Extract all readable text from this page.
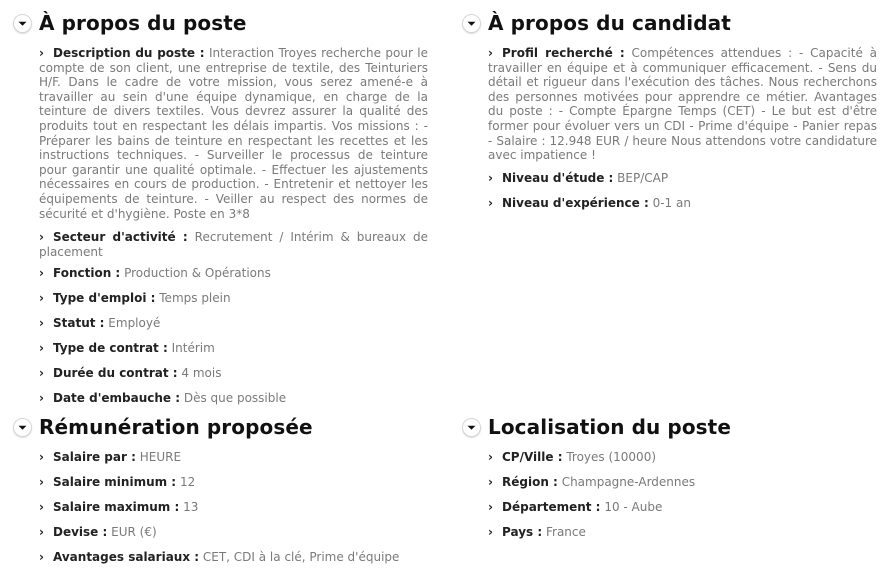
À propos du poste
› Description du poste : Interaction Troyes recherche pour le compte de son client, une entreprise de textile, des Teinturiers H/F. Dans le cadre de votre mission, vous serez amené-e à travailler au sein d'une équipe dynamique, en charge de la teinture de divers textiles. Vous devrez assurer la qualité des produits tout en respectant les délais impartis. Vos missions : - Préparer les bains de teinture en respectant les recettes et les instructions techniques. - Surveiller le processus de teinture pour garantir une qualité optimale. - Effectuer les ajustements nécessaires en cours de production. - Entretenir et nettoyer les équipements de teinture. - Veiller au respect des normes de sécurité et d'hygiène. Poste en 3*8
› Secteur d'activité : Recrutement / Intérim & bureaux de placement
› Fonction : Production & Opérations
› Type d'emploi : Temps plein
› Statut : Employé
› Type de contrat : Intérim
› Durée du contrat : 4 mois
› Date d'embauche : Dès que possible
À propos du candidat
› Profil recherché : Compétences attendues : - Capacité à travailler en équipe et à communiquer efficacement. - Sens du détail et rigueur dans l'exécution des tâches. Nous recherchons des personnes motivées pour apprendre ce métier. Avantages du poste : - Compte Épargne Temps (CET) - Le but est d'être former pour évoluer vers un CDI - Prime d'équipe - Panier repas - Salaire : 12.948 EUR / heure Nous attendons votre candidature avec impatience !
› Niveau d'étude : BEP/CAP
› Niveau d'expérience : 0-1 an
Rémunération proposée
› Salaire par : HEURE
› Salaire minimum : 12
› Salaire maximum : 13
› Devise : EUR (€)
› Avantages salariaux : CET, CDI à la clé, Prime d'équipe
Localisation du poste
› CP/Ville : Troyes (10000)
› Région : Champagne-Ardennes
› Département : 10 - Aube
› Pays : France
